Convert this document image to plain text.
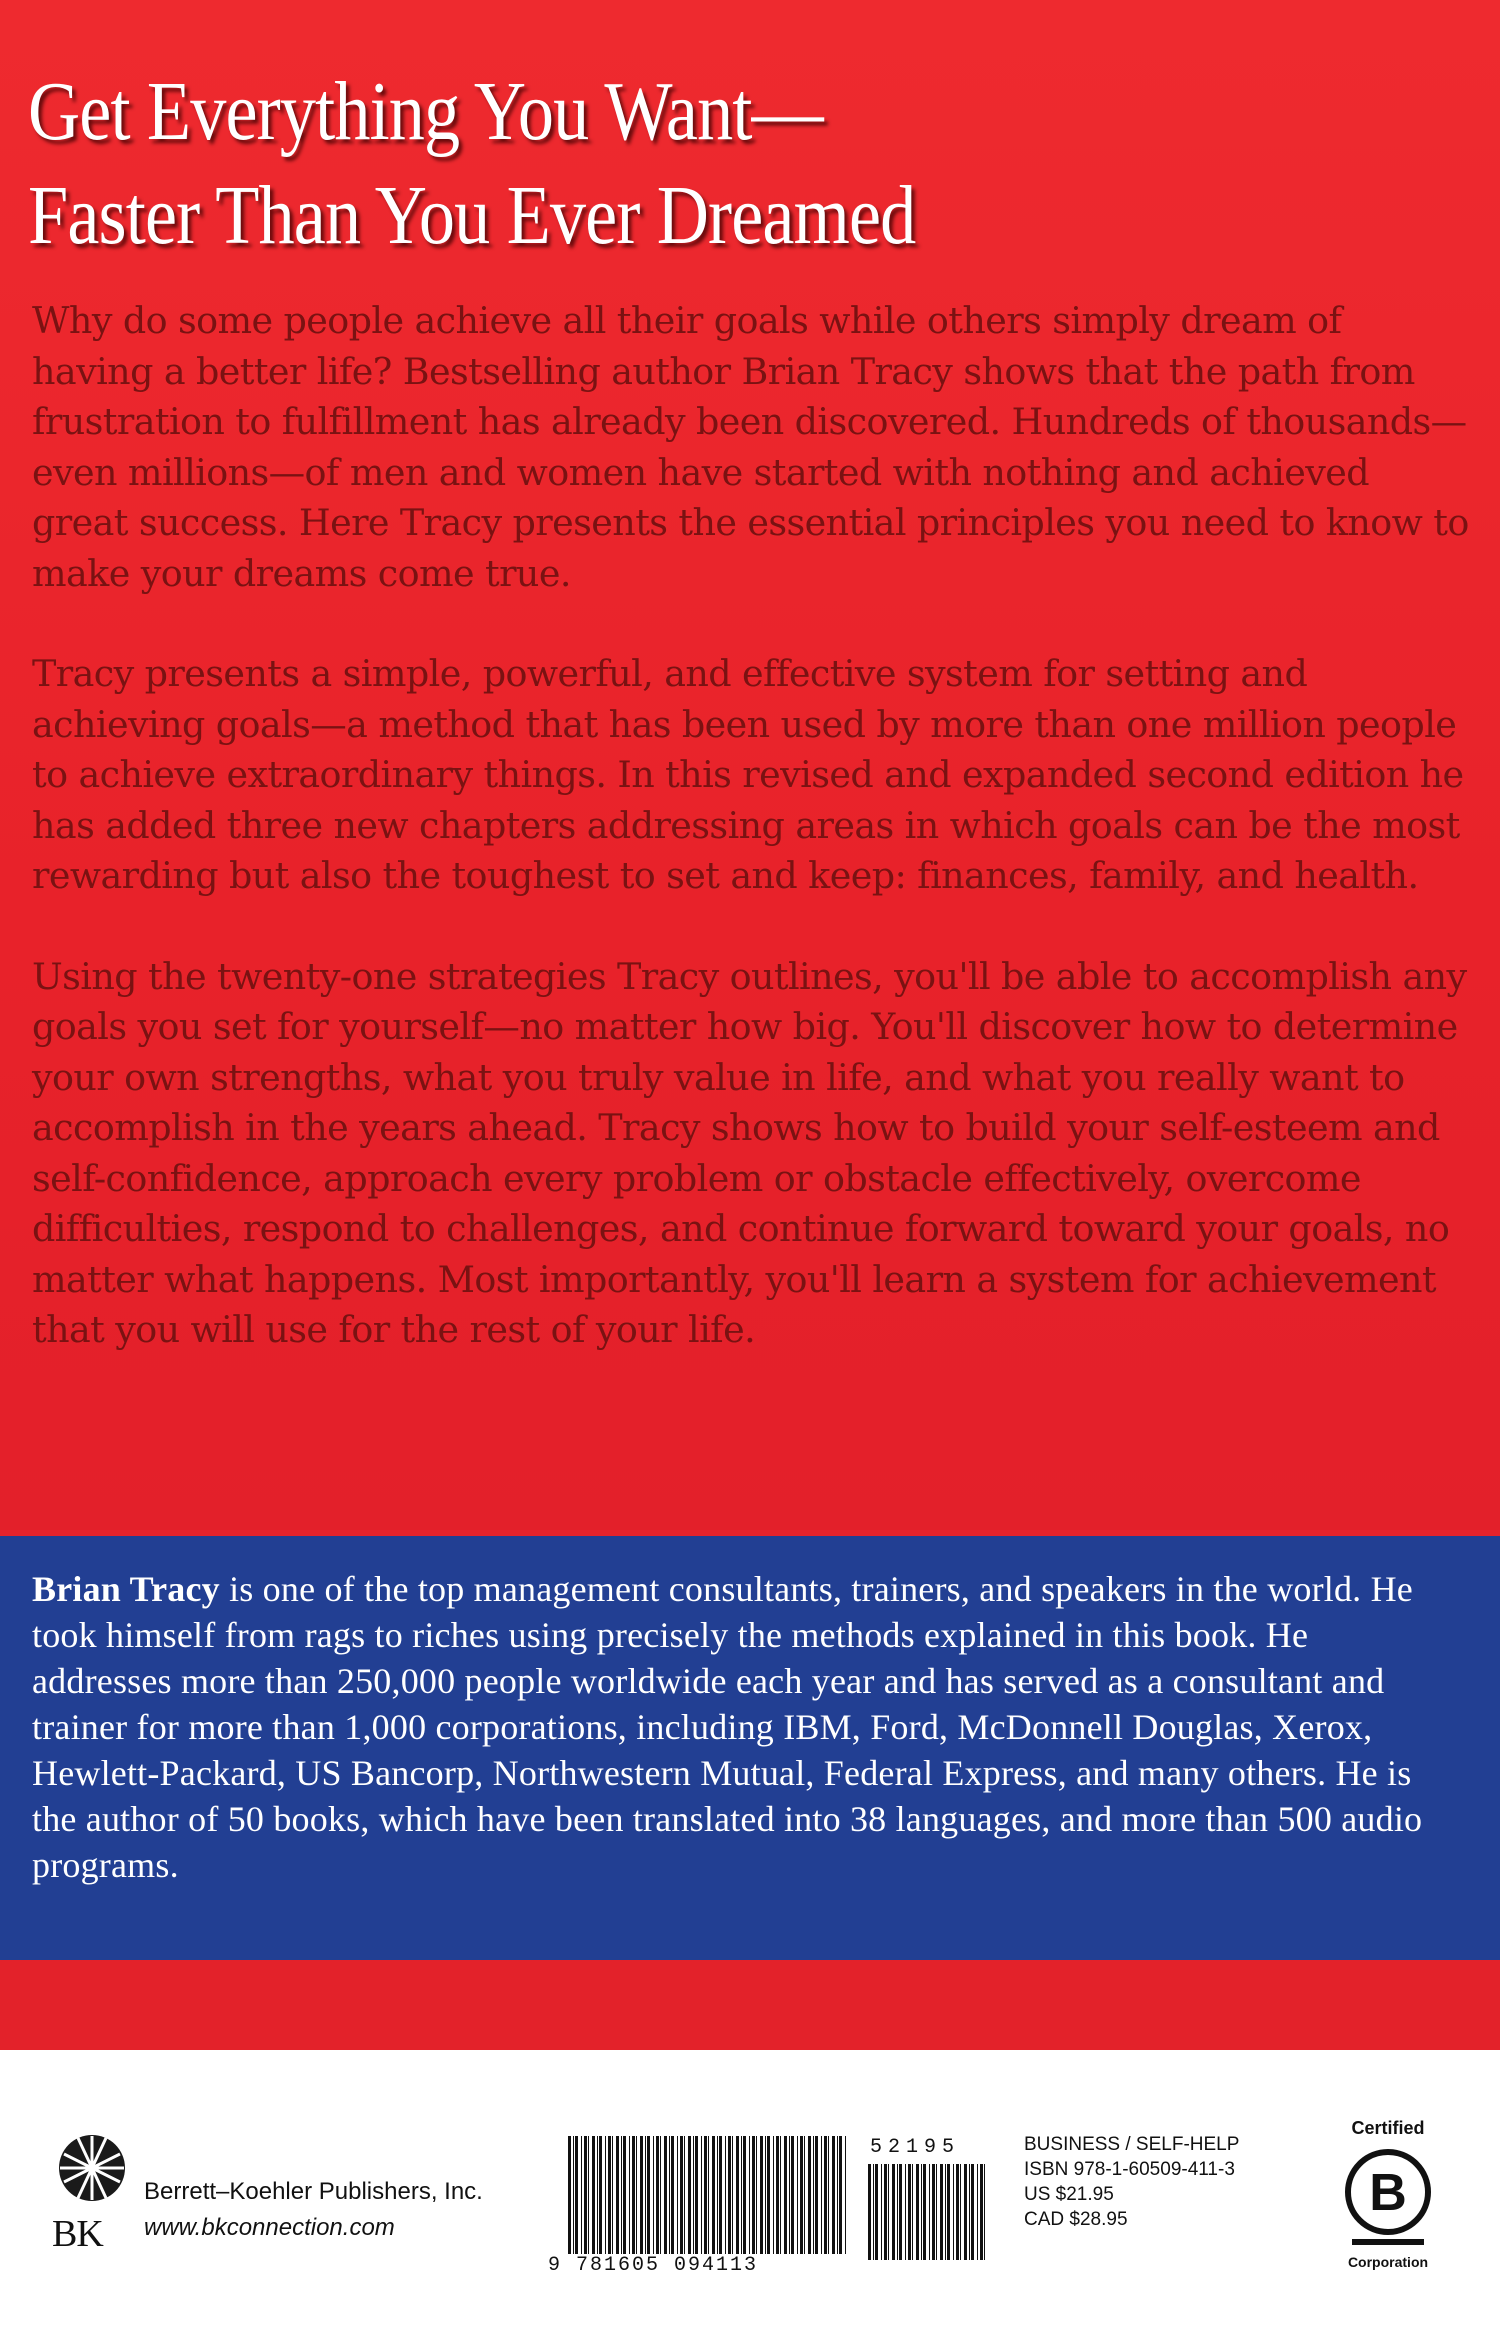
Get Everything You Want—
Faster Than You Ever Dreamed

Why do some people achieve all their goals while others simply dream of having a better life? Bestselling author Brian Tracy shows that the path from frustration to fulfillment has already been discovered. Hundreds of thousands—even millions—of men and women have started with nothing and achieved great success. Here Tracy presents the essential principles you need to know to make your dreams come true.

Tracy presents a simple, powerful, and effective system for setting and achieving goals—a method that has been used by more than one million people to achieve extraordinary things. In this revised and expanded second edition he has added three new chapters addressing areas in which goals can be the most rewarding but also the toughest to set and keep: finances, family, and health.

Using the twenty-one strategies Tracy outlines, you'll be able to accomplish any goals you set for yourself—no matter how big. You'll discover how to determine your own strengths, what you truly value in life, and what you really want to accomplish in the years ahead. Tracy shows how to build your self-esteem and self-confidence, approach every problem or obstacle effectively, overcome difficulties, respond to challenges, and continue forward toward your goals, no matter what happens. Most importantly, you'll learn a system for achievement that you will use for the rest of your life.

Brian Tracy is one of the top management consultants, trainers, and speakers in the world. He took himself from rags to riches using precisely the methods explained in this book. He addresses more than 250,000 people worldwide each year and has served as a consultant and trainer for more than 1,000 corporations, including IBM, Ford, McDonnell Douglas, Xerox, Hewlett-Packard, US Bancorp, Northwestern Mutual, Federal Express, and many others. He is the author of 50 books, which have been translated into 38 languages, and more than 500 audio programs.

BK
Berrett–Koehler Publishers, Inc.
www.bkconnection.com
9 781605 094113
52195	BUSINESS / SELF-HELP
ISBN 978-1-60509-411-3
US $21.95
CAD $28.95
Certified
B
Corporation
